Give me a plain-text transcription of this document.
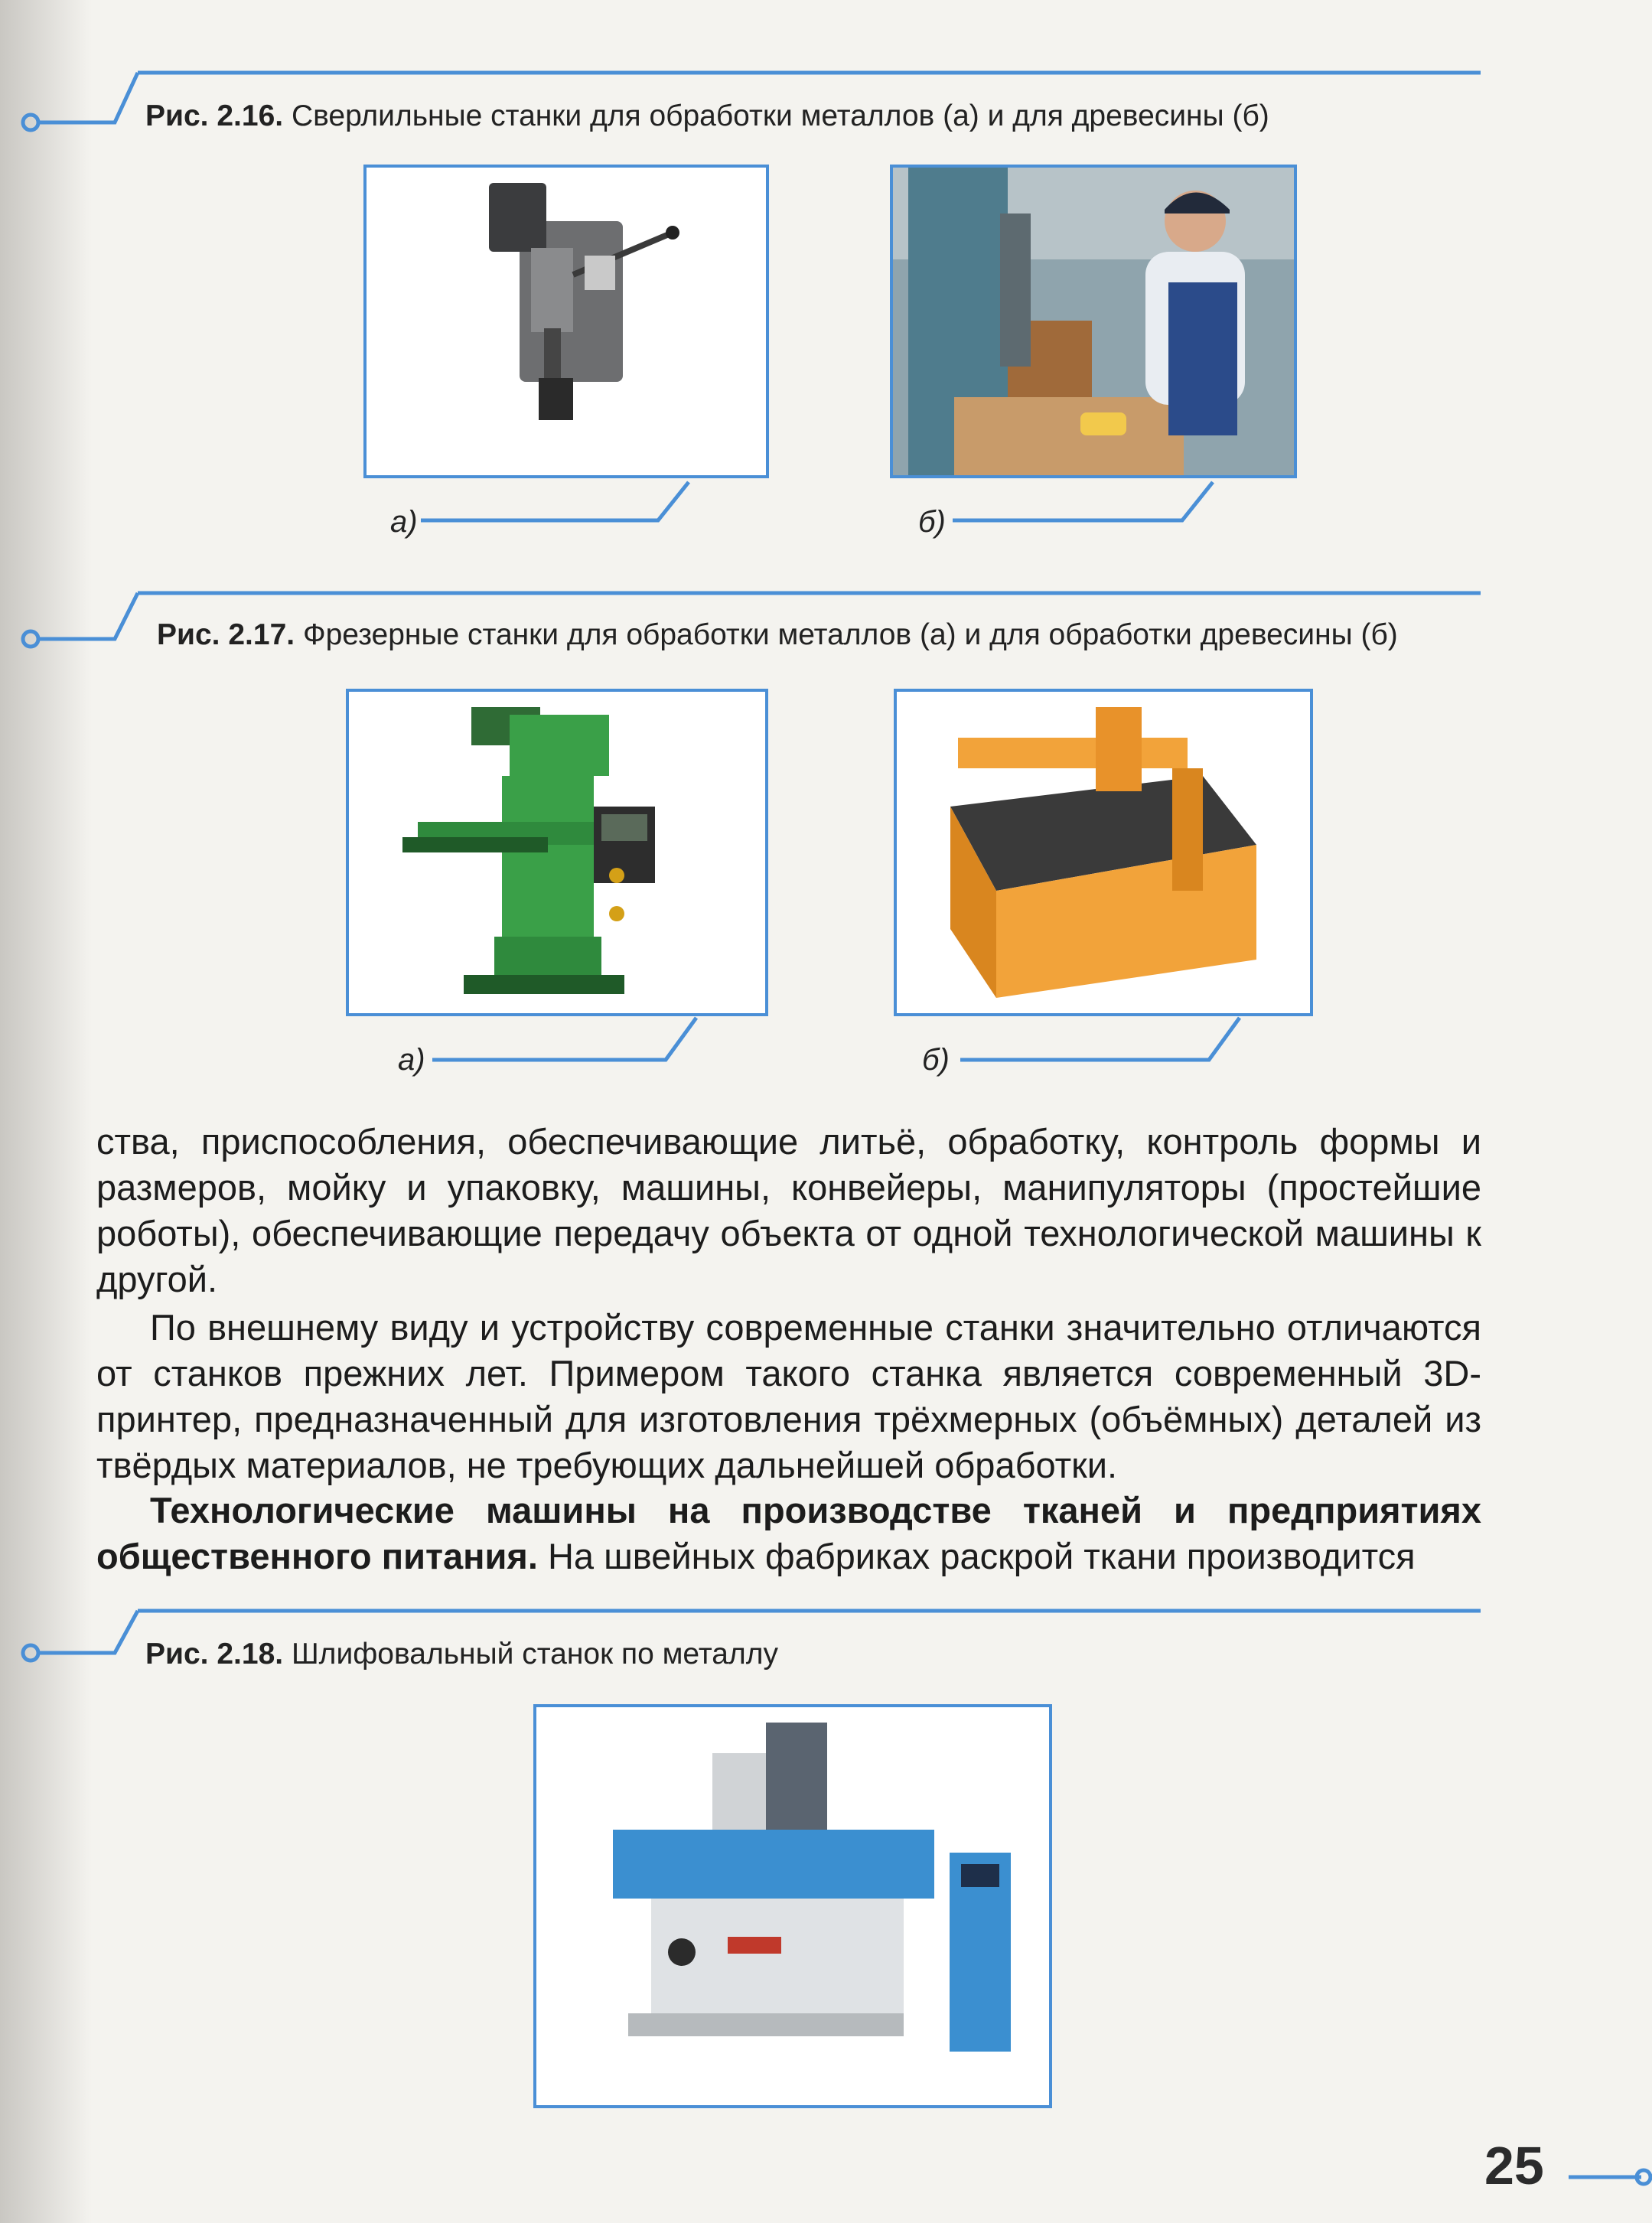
Рис. 2.16. Сверлильные станки для обработки металлов (а) и для древесины (б)
а)	б)
Рис. 2.17. Фрезерные станки для обработки металлов (а) и для обработки древесины (б)
а)	б)
ства, приспособления, обеспечивающие литьё, обработку, контроль формы и размеров, мойку и упаковку, машины, конвейеры, манипуляторы (простейшие роботы), обеспечивающие передачу объекта от одной технологической машины к другой.
По внешнему виду и устройству современные станки значительно отличаются от станков прежних лет. Примером такого станка является современный 3D-принтер, предназначенный для изготовления трёхмерных (объёмных) деталей из твёрдых материалов, не требующих дальнейшей обработки.
Технологические машины на производстве тканей и предприятиях общественного питания. На швейных фабриках раскрой ткани производится
Рис. 2.18. Шлифовальный станок по металлу
25
